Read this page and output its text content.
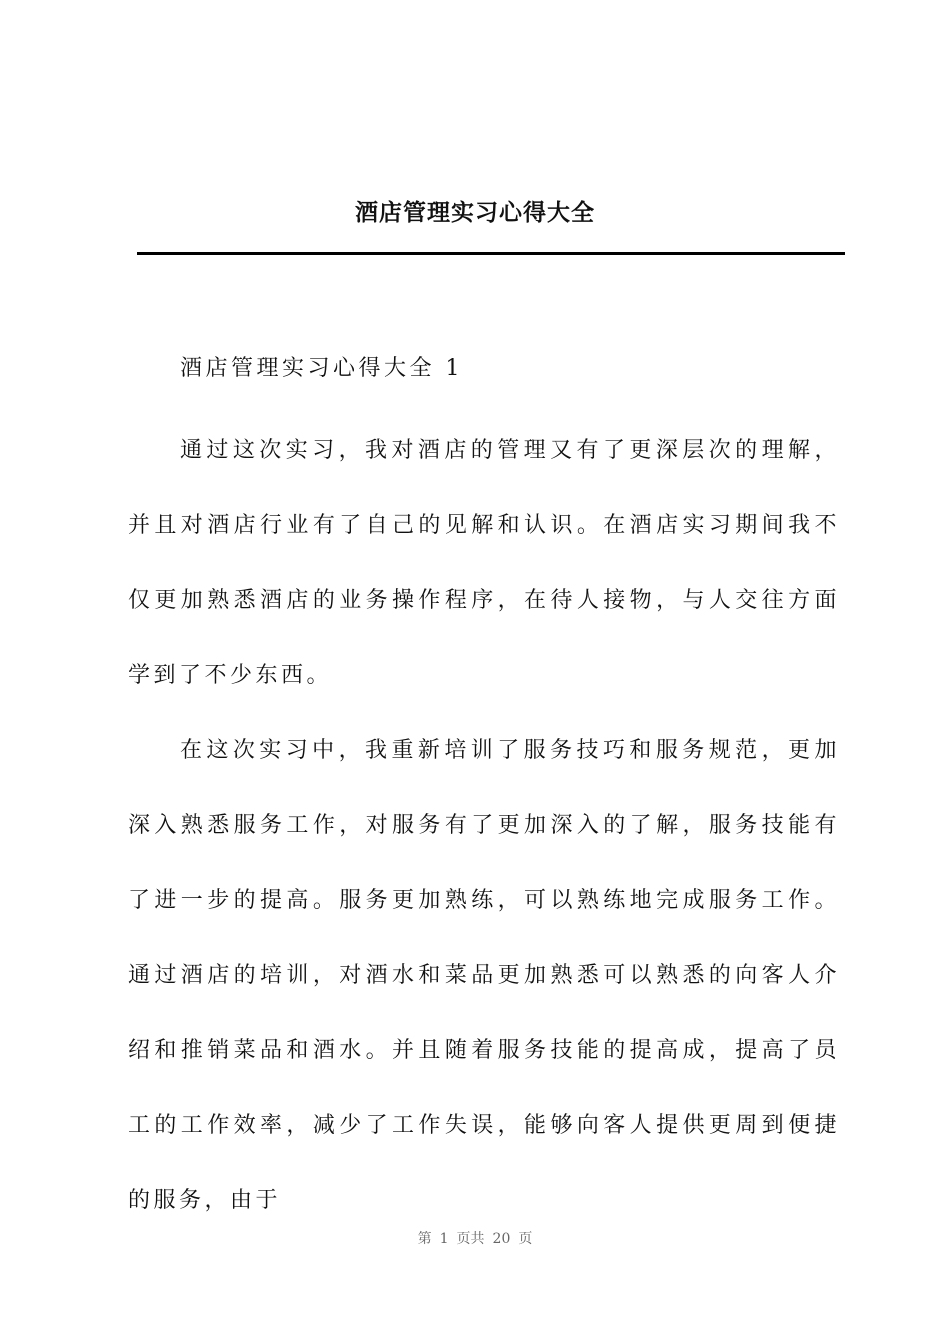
酒店管理实习心得大全

酒店管理实习心得大全 1

通过这次实习，我对酒店的管理又有了更深层次的理解，并且对酒店行业有了自己的见解和认识。在酒店实习期间我不仅更加熟悉酒店的业务操作程序，在待人接物，与人交往方面学到了不少东西。

在这次实习中，我重新培训了服务技巧和服务规范，更加深入熟悉服务工作，对服务有了更加深入的了解，服务技能有了进一步的提高。服务更加熟练，可以熟练地完成服务工作。通过酒店的培训，对酒水和菜品更加熟悉可以熟悉的向客人介绍和推销菜品和酒水。并且随着服务技能的提高成，提高了员工的工作效率，减少了工作失误，能够向客人提供更周到便捷的服务，由于

第 1 页共 20 页
